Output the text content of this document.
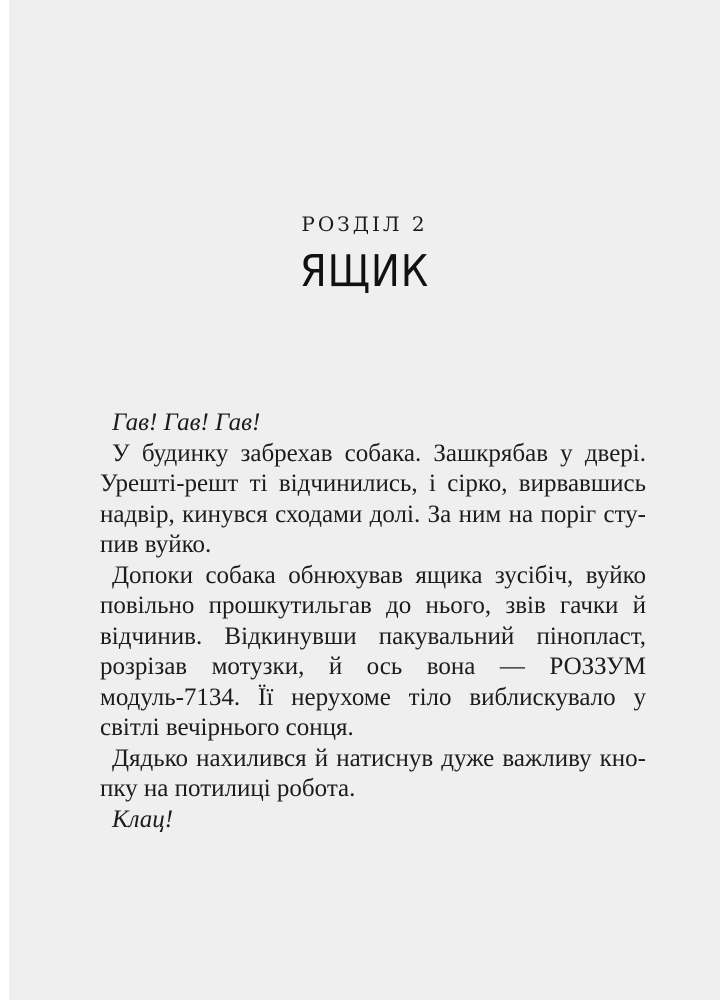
РОЗДІЛ 2
ЯЩИК

Гав! Гав! Гав!

У будинку забрехав собака. Зашкрябав у двері. Урешті-решт ті відчинились, і сірко, вирвавшись надвір, кинувся сходами долі. За ним на поріг ступив вуйко.

Допоки собака обнюхував ящика зусібіч, вуйко повільно прошкутильгав до нього, звів гачки й відчинив. Відкинувши пакувальний пінопласт, розрізав мотузки, й ось вона — РОЗЗУМ модуль-7134. Її нерухоме тіло виблискувало у світлі вечірнього сонця.

Дядько нахилився й натиснув дуже важливу кнопку на потилиці робота.

Клац!
